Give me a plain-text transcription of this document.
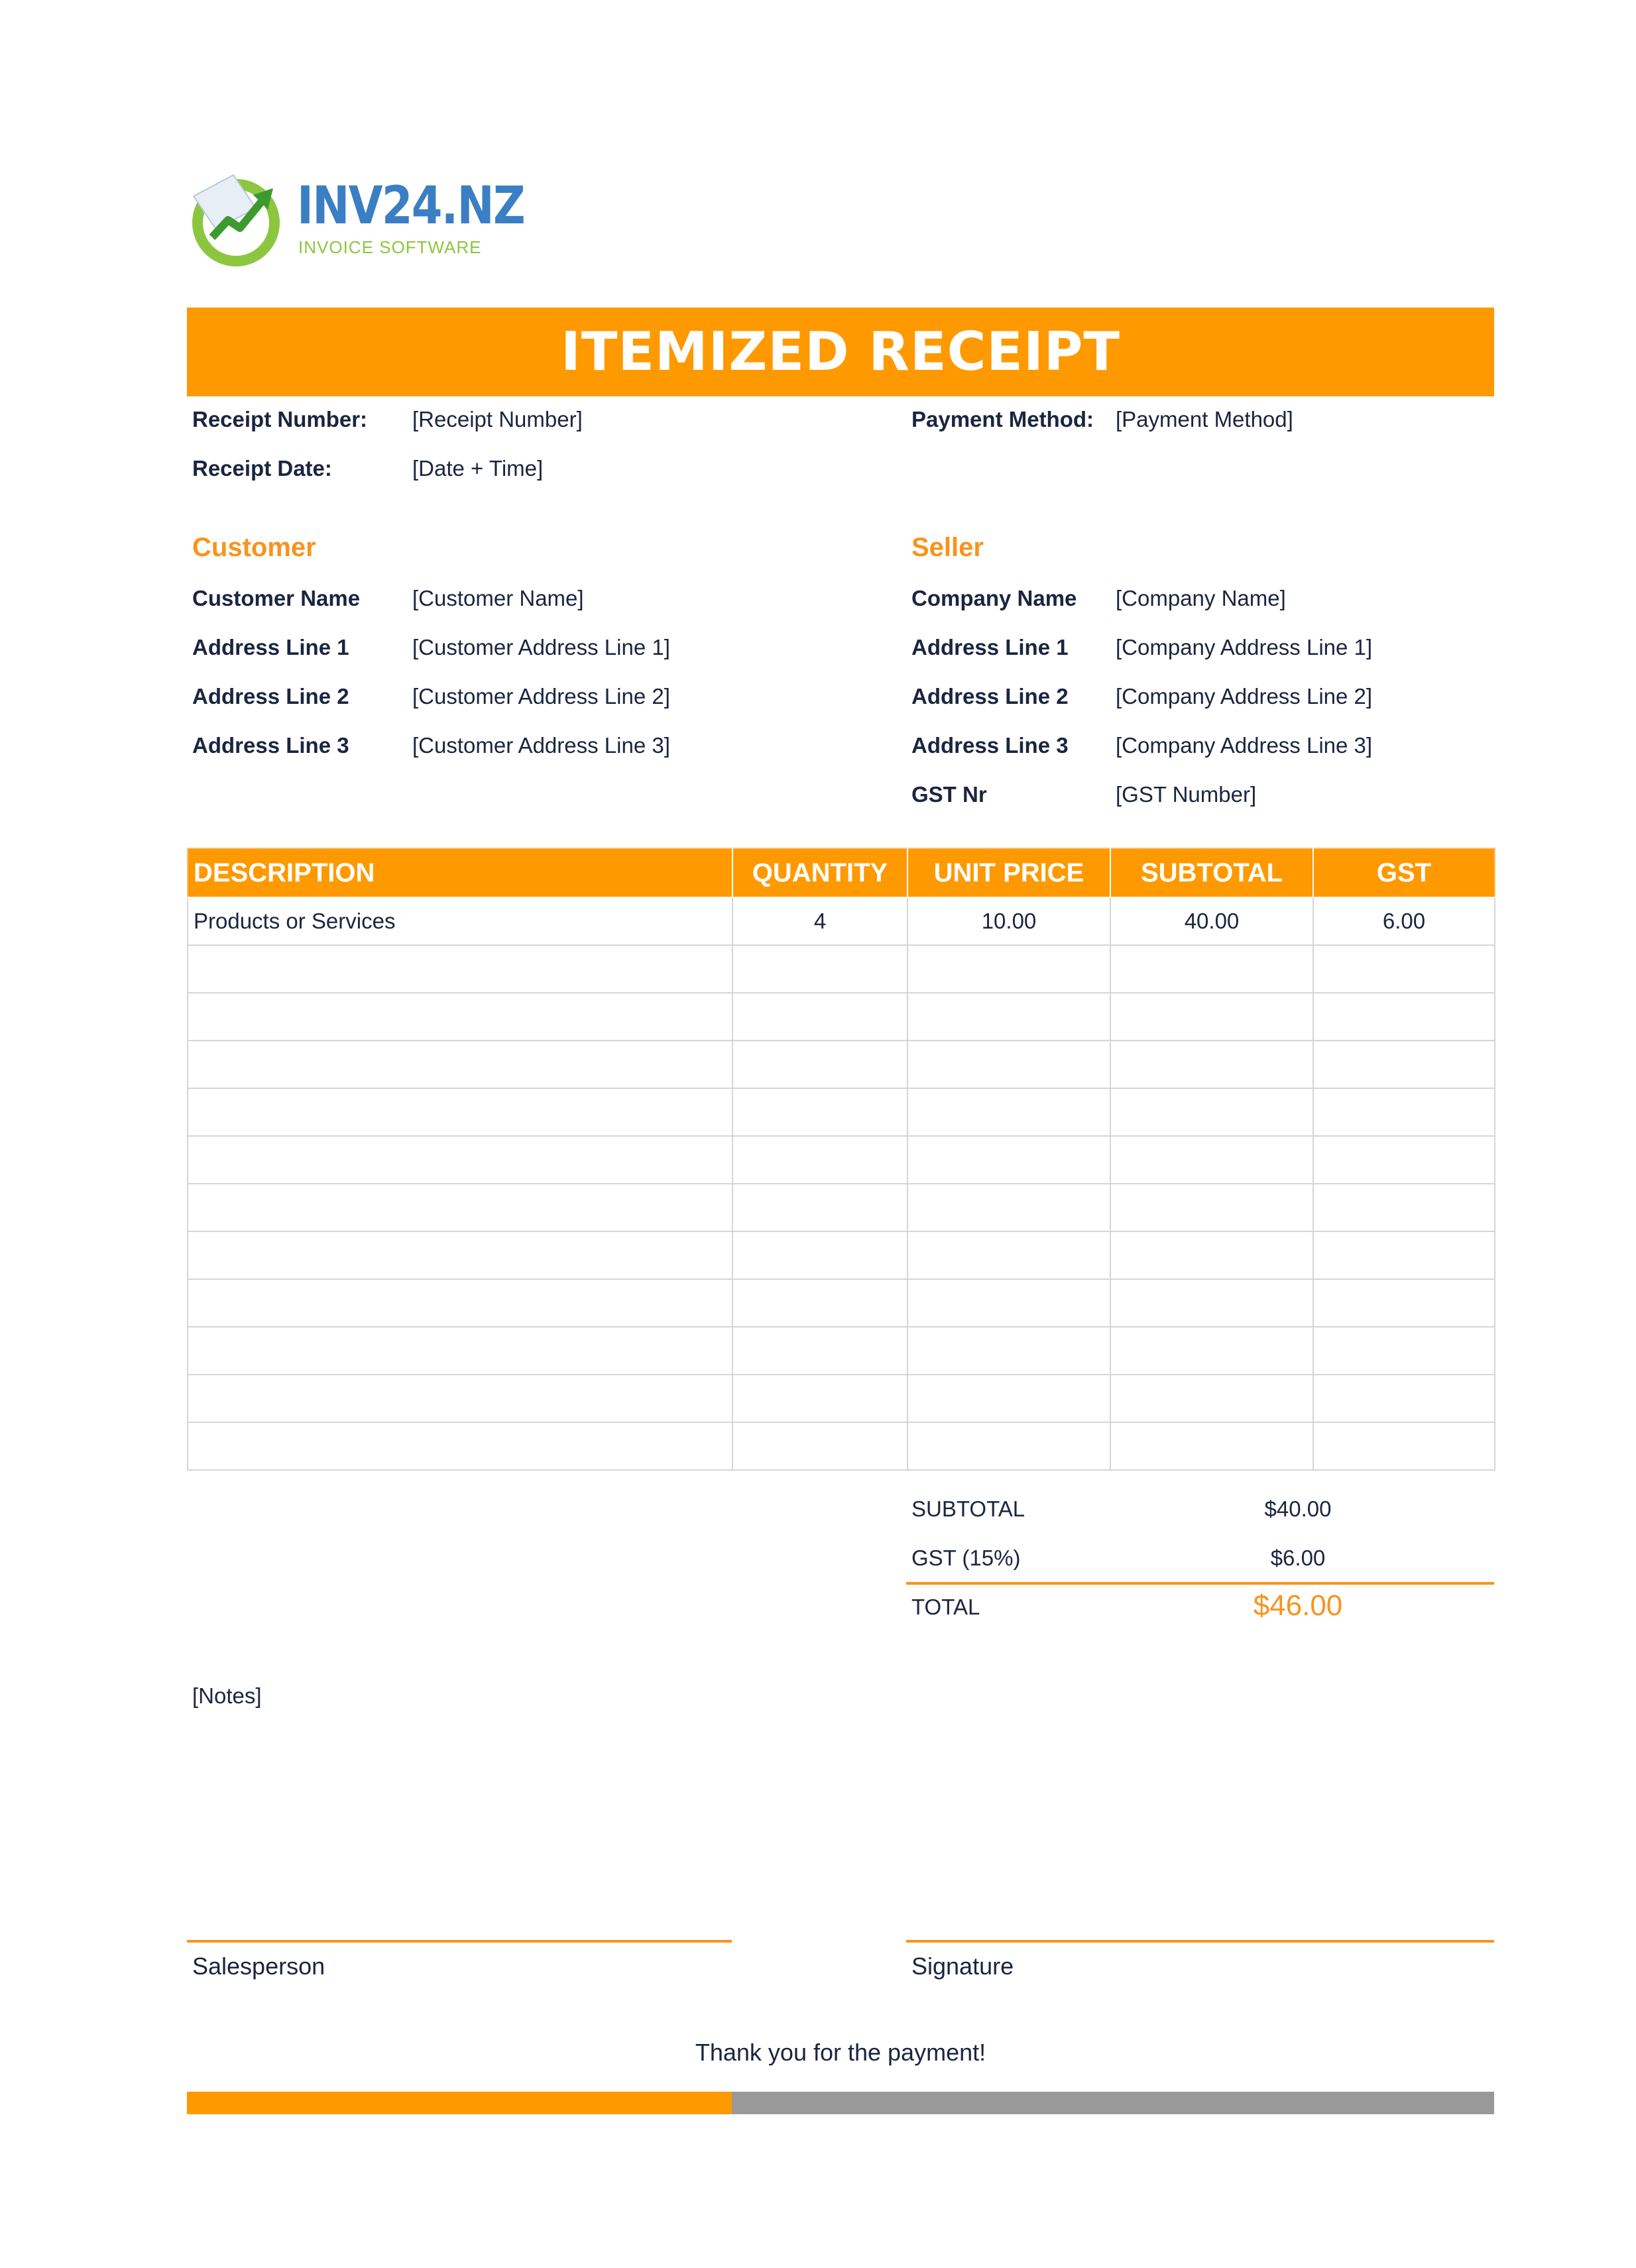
INV24.NZ
INVOICE SOFTWARE
ITEMIZED RECEIPT
Receipt Number: [Receipt Number]
Receipt Date:	[Date + Time]
Payment Method: [Payment Method]
Customer
Customer Name [Customer Name]
Address Line 1	[Customer Address Line 1]
Address Line 2	[Customer Address Line 2]
Address Line 3	[Customer Address Line 3]
Seller
Company Name [Company Name]
Address Line 1 [Company Address Line 1]
Address Line 2 [Company Address Line 2]
Address Line 3 [Company Address Line 3]
GST Nr	[GST Number]
DESCRIPTION	QUANTITY	UNIT PRICE	SUBTOTAL	GST
Products or Services	4	10.00	40.00	6.00

SUBTOTAL	$40.00
GST (15%)	$6.00
TOTAL	$46.00
[Notes]
Salesperson	Signature
Thank you for the payment!
